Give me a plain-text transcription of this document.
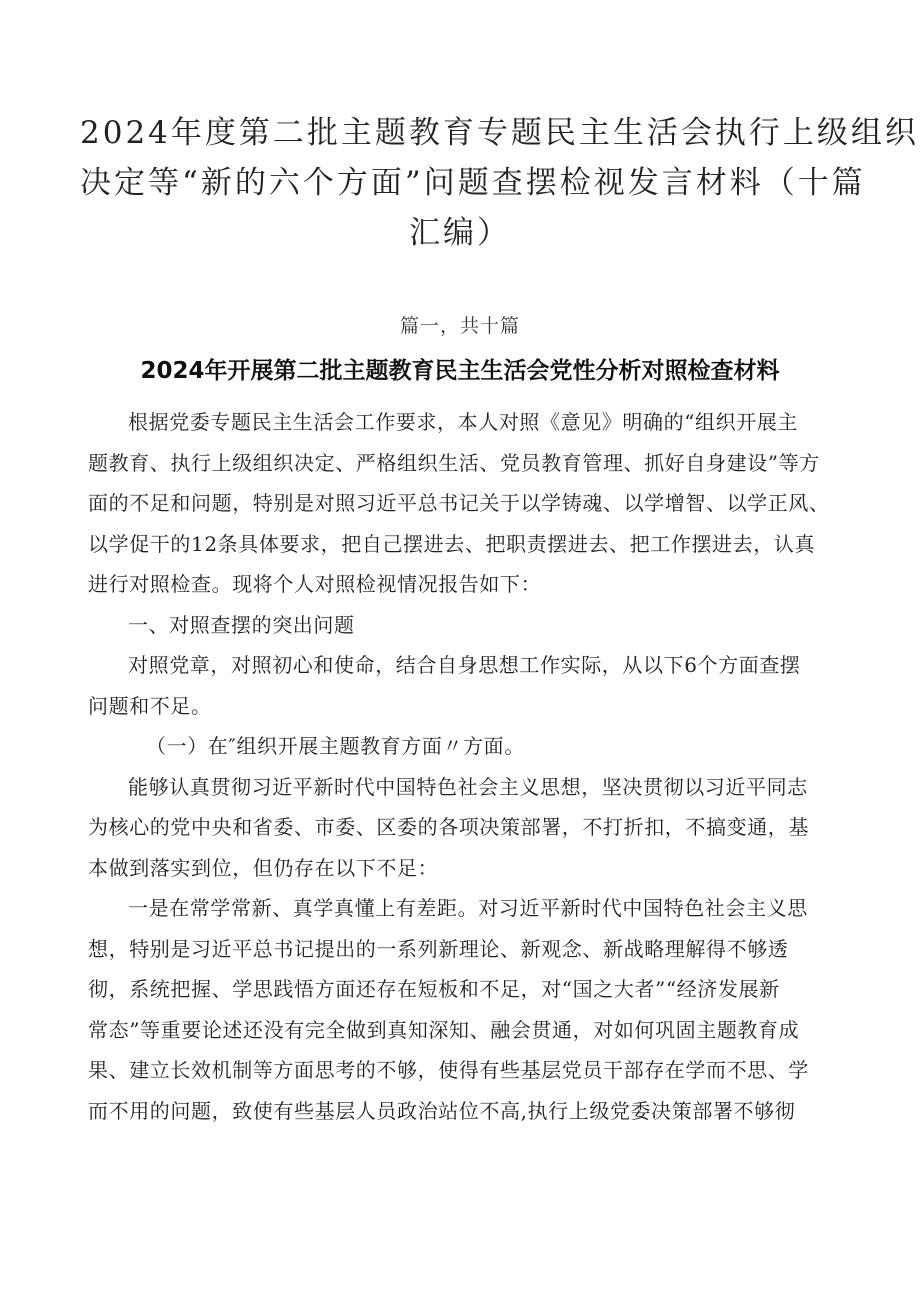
2024年度第二批主题教育专题民主生活会执行上级组织
决定等“新的六个方面”问题查摆检视发言材料（十篇
汇编）
篇一，共十篇
2024年开展第二批主题教育民主生活会党性分析对照检查材料

根据党委专题民主生活会工作要求，本人对照《意见》明确的“组织开展主
题教育、执行上级组织决定、严格组织生活、党员教育管理、抓好自身建设”等方
面的不足和问题，特别是对照习近平总书记关于以学铸魂、以学增智、以学正风、
以学促干的12条具体要求，把自己摆进去、把职责摆进去、把工作摆进去，认真
进行对照检查。现将个人对照检视情况报告如下：

一、对照查摆的突出问题

对照党章，对照初心和使命，结合自身思想工作实际，从以下6个方面查摆
问题和不足。

（一）在″组织开展主题教育方面〃方面。

能够认真贯彻习近平新时代中国特色社会主义思想，坚决贯彻以习近平同志
为核心的党中央和省委、市委、区委的各项决策部署，不打折扣，不搞变通，基
本做到落实到位，但仍存在以下不足：

一是在常学常新、真学真懂上有差距。对习近平新时代中国特色社会主义思
想，特别是习近平总书记提出的一系列新理论、新观念、新战略理解得不够透
彻，系统把握、学思践悟方面还存在短板和不足，对“国之大者”“经济发展新
常态”等重要论述还没有完全做到真知深知、融会贯通，对如何巩固主题教育成
果、建立长效机制等方面思考的不够，使得有些基层党员干部存在学而不思、学
而不用的问题，致使有些基层人员政治站位不高,执行上级党委决策部署不够彻
